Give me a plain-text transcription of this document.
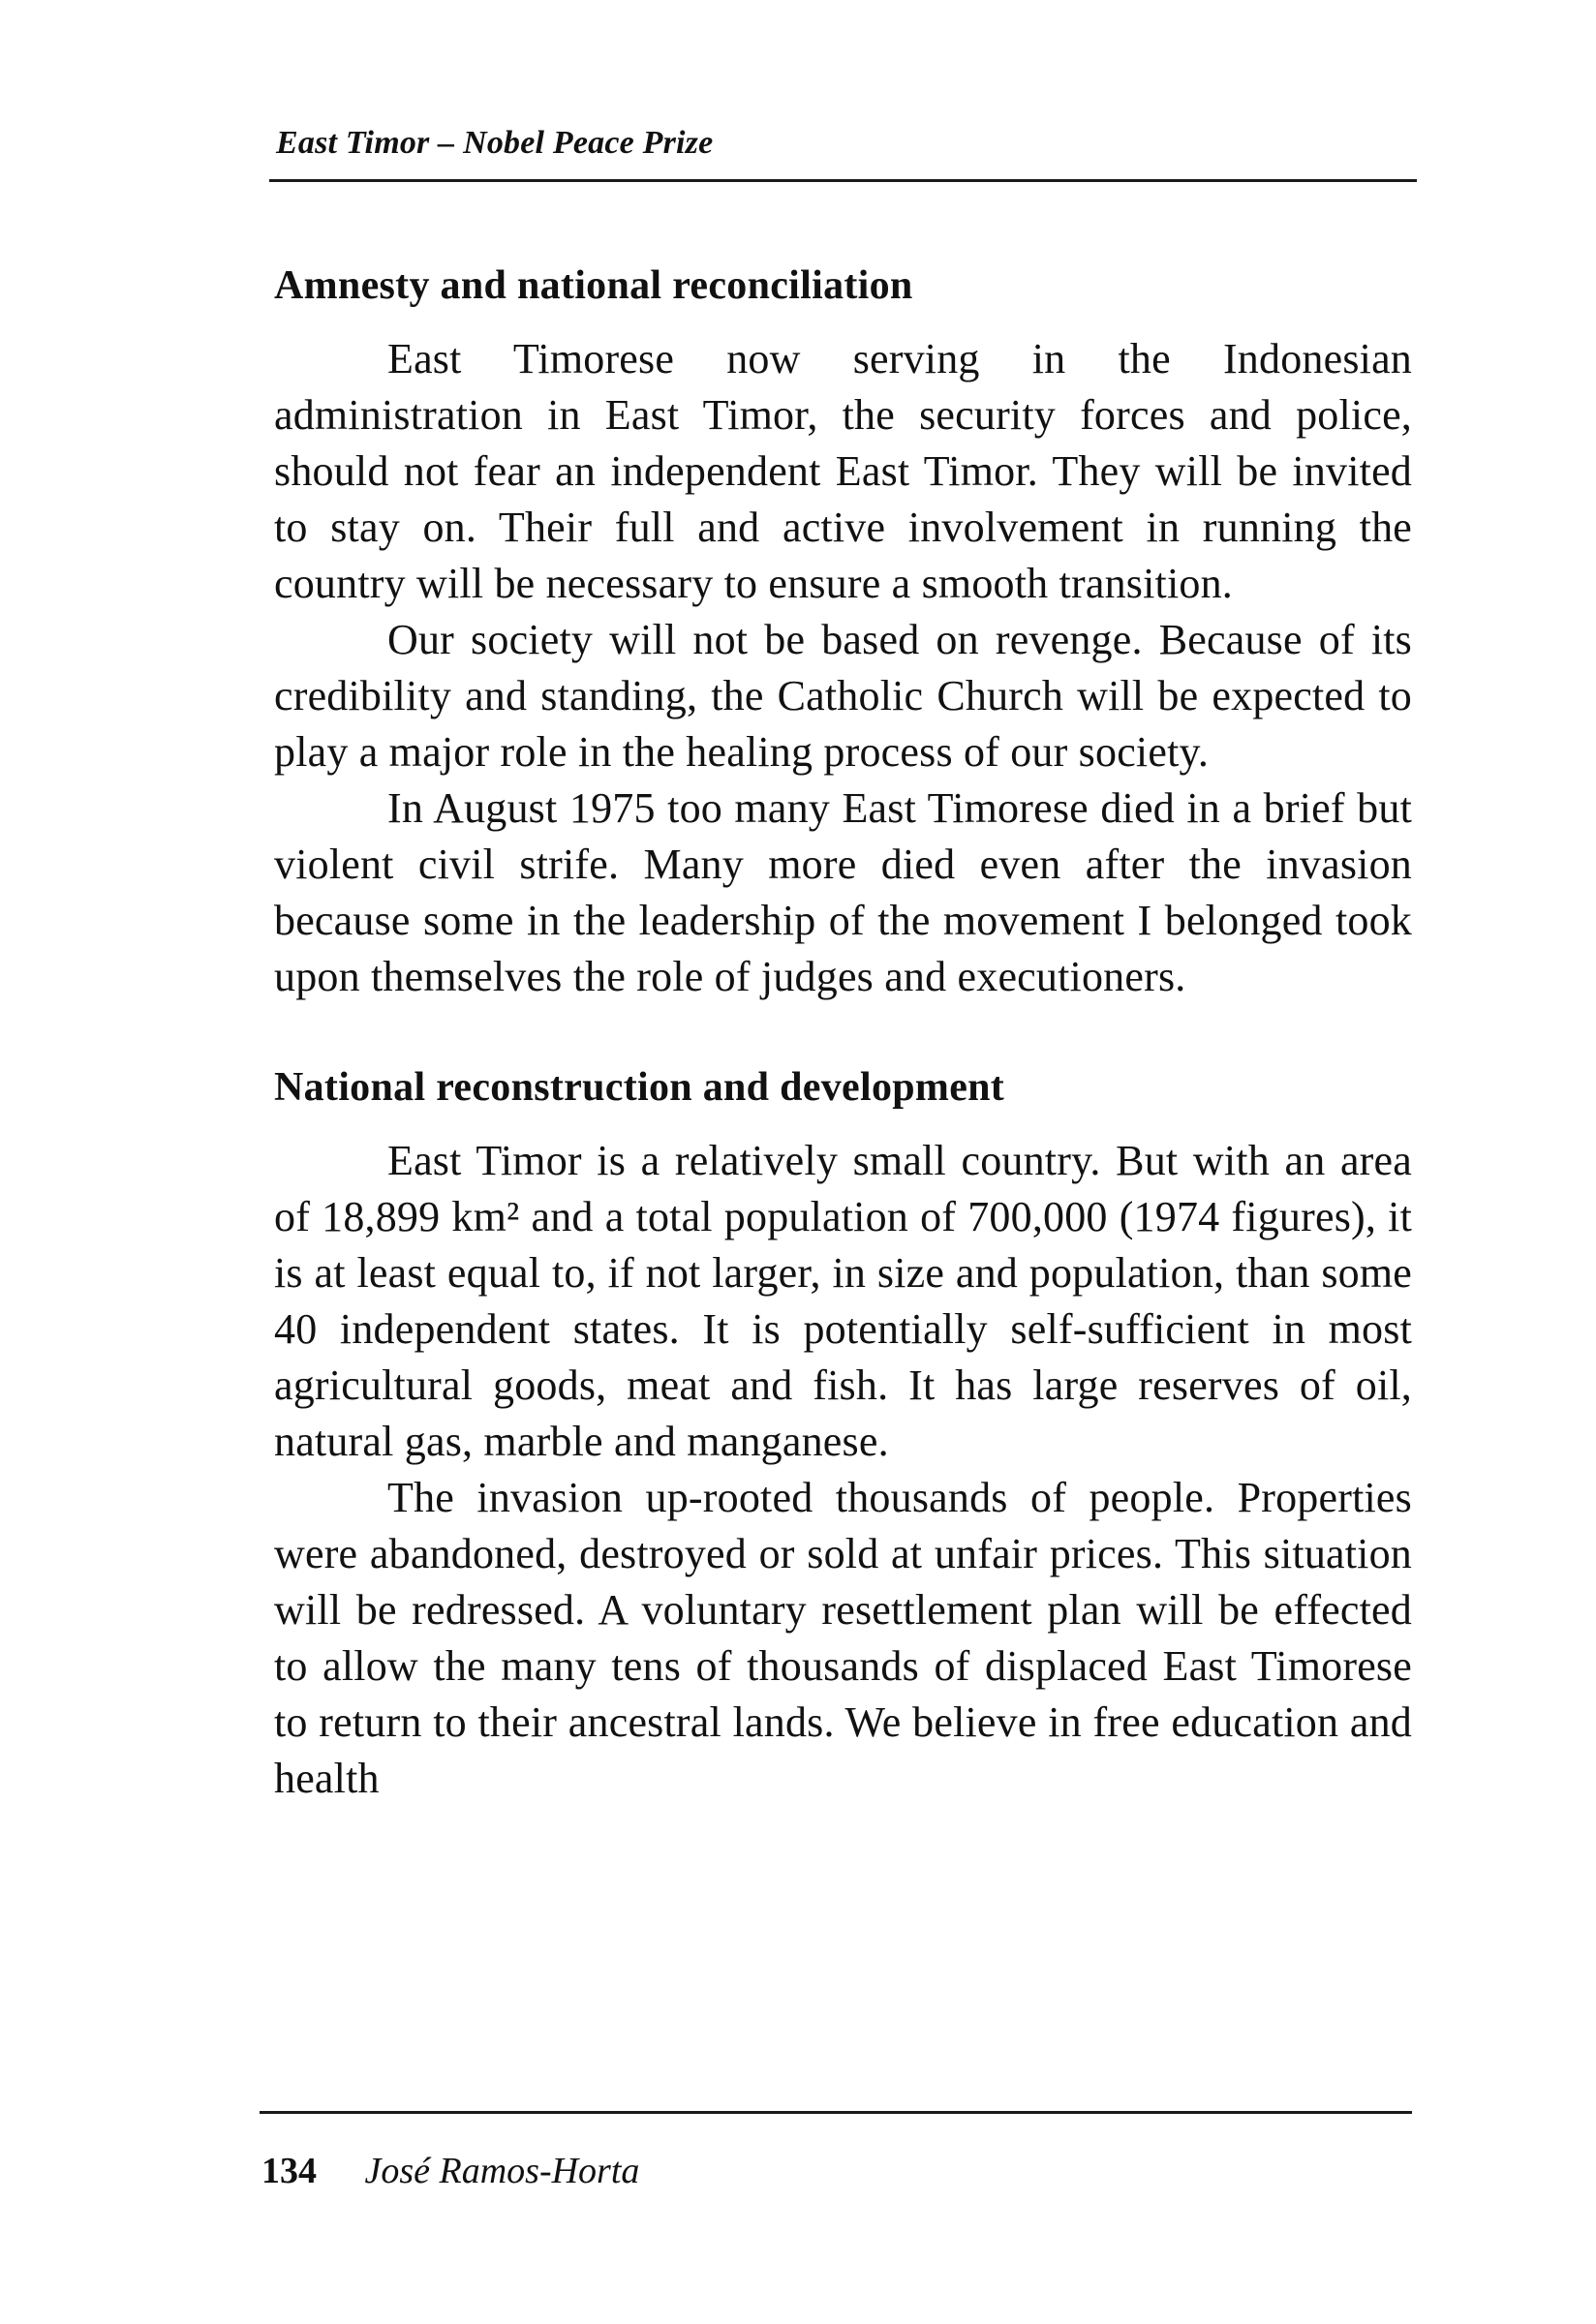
East Timor – Nobel Peace Prize
Amnesty and national reconciliation

East Timorese now serving in the Indonesian administration in East Timor, the security forces and police, should not fear an independent East Timor. They will be invited to stay on. Their full and active involvement in running the country will be necessary to ensure a smooth transition.

Our society will not be based on revenge. Because of its credibility and standing, the Catholic Church will be expected to play a major role in the healing process of our society.

In August 1975 too many East Timorese died in a brief but violent civil strife. Many more died even after the invasion because some in the leadership of the movement I belonged took upon themselves the role of judges and executioners.

National reconstruction and development

East Timor is a relatively small country. But with an area of 18,899 km² and a total population of 700,000 (1974 figures), it is at least equal to, if not larger, in size and population, than some 40 independent states. It is potentially self-sufficient in most agricultural goods, meat and fish. It has large reserves of oil, natural gas, marble and manganese.

The invasion up-rooted thousands of people. Properties were abandoned, destroyed or sold at unfair prices. This situation will be redressed. A voluntary resettlement plan will be effected to allow the many tens of thousands of displaced East Timorese to return to their ancestral lands. We believe in free education and health

134 José Ramos-Horta
